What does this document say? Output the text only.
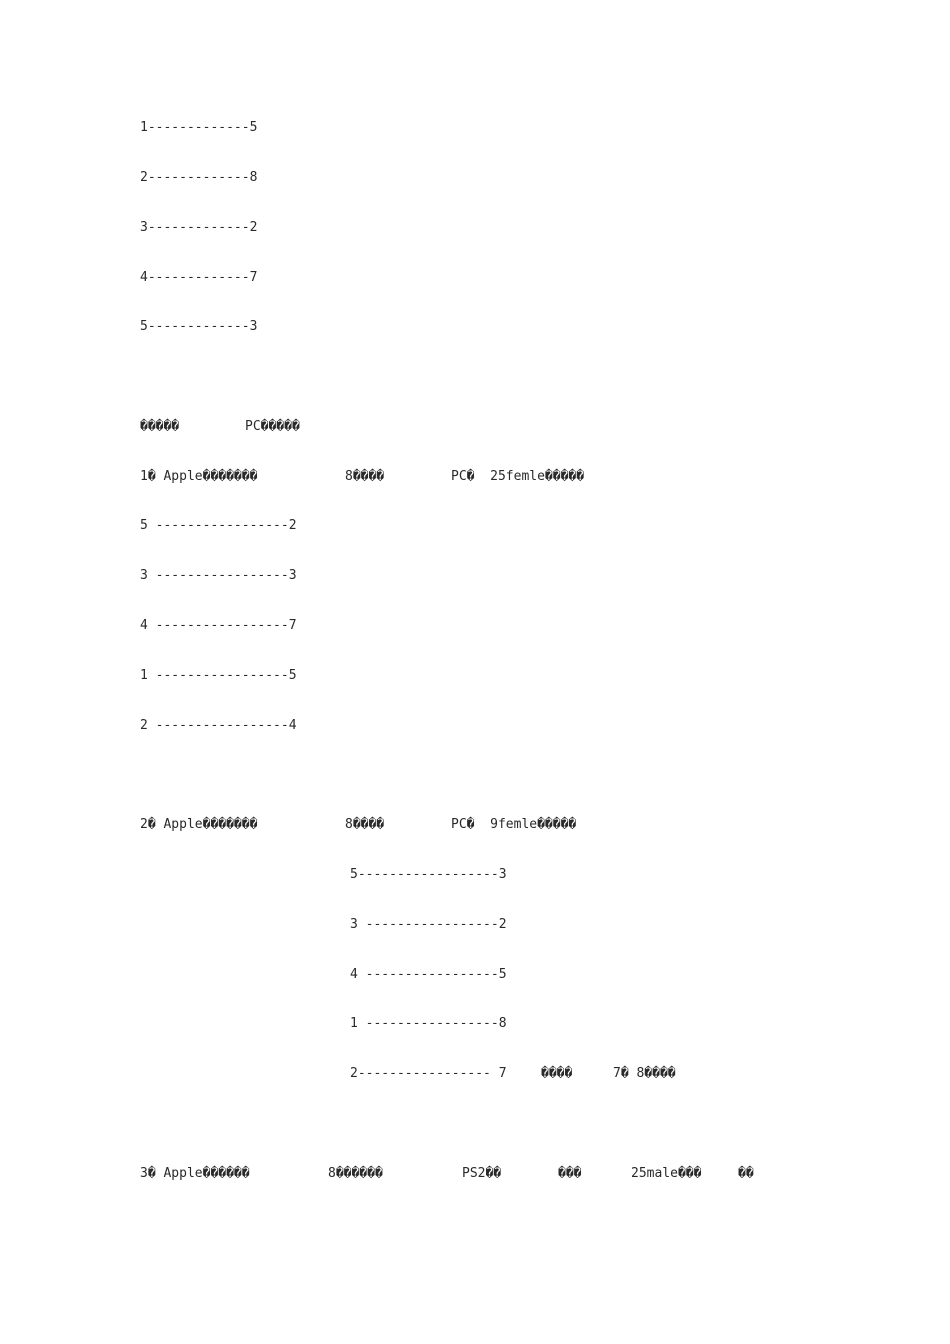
1-------------5
2-------------8
3-------------2
4-------------7
5-------------3
�����	PC�����
1� Apple�������	8����	PC�  25femle�����
5 -----------------2
3 -----------------3
4 -----------------7
1 -----------------5
2 -----------------4
2� Apple�������	8����	PC�  9femle�����
5------------------3
3 -----------------2
4 -----------------5
1 -----------------8
2----------------- 7	����	7� 8����
3� Apple������	8������	PS2��	���	25male���	��
